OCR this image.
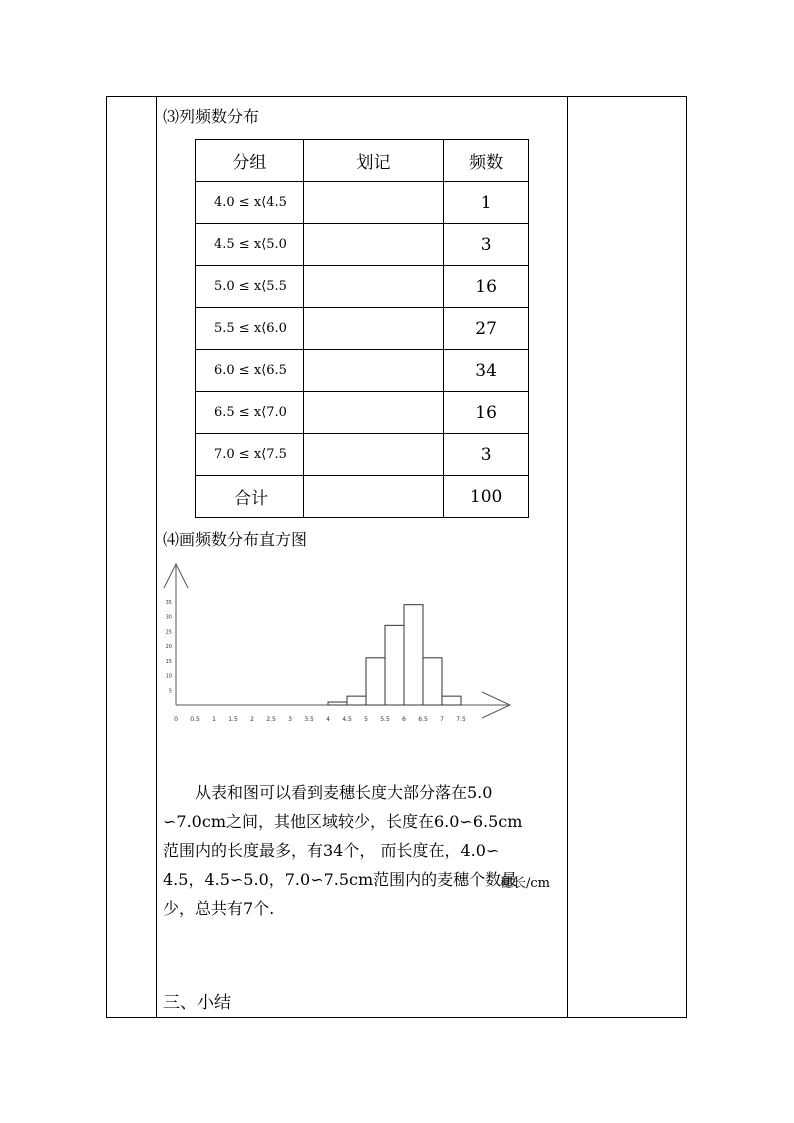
⑶列频数分布
分组	划记	频数
4.0 ≤ x⟨4.5		1
4.5 ≤ x⟨5.0		3
5.0 ≤ x⟨5.5		16
5.5 ≤ x⟨6.0		27
6.0 ≤ x⟨6.5		34
6.5 ≤ x⟨7.0		16
7.0 ≤ x⟨7.5		3
合计		100
⑷画频数分布直方图
5
10
15
20
25
30
35
0 0.5 1 1.5 2 2.5 3 3.5 4 4.5 5 5.5 6 6.5 7 7.5
从表和图可以看到麦穗长度大部分落在5.0
∽7.0cm之间，其他区域较少，长度在6.0∽6.5cm
范围内的长度最多，有34个， 而长度在，4.0∽
4.5，4.5∽5.0，7.0∽7.5cm范围内的麦穗个数最
少，总共有7个.
穗长/cm
三、小结
